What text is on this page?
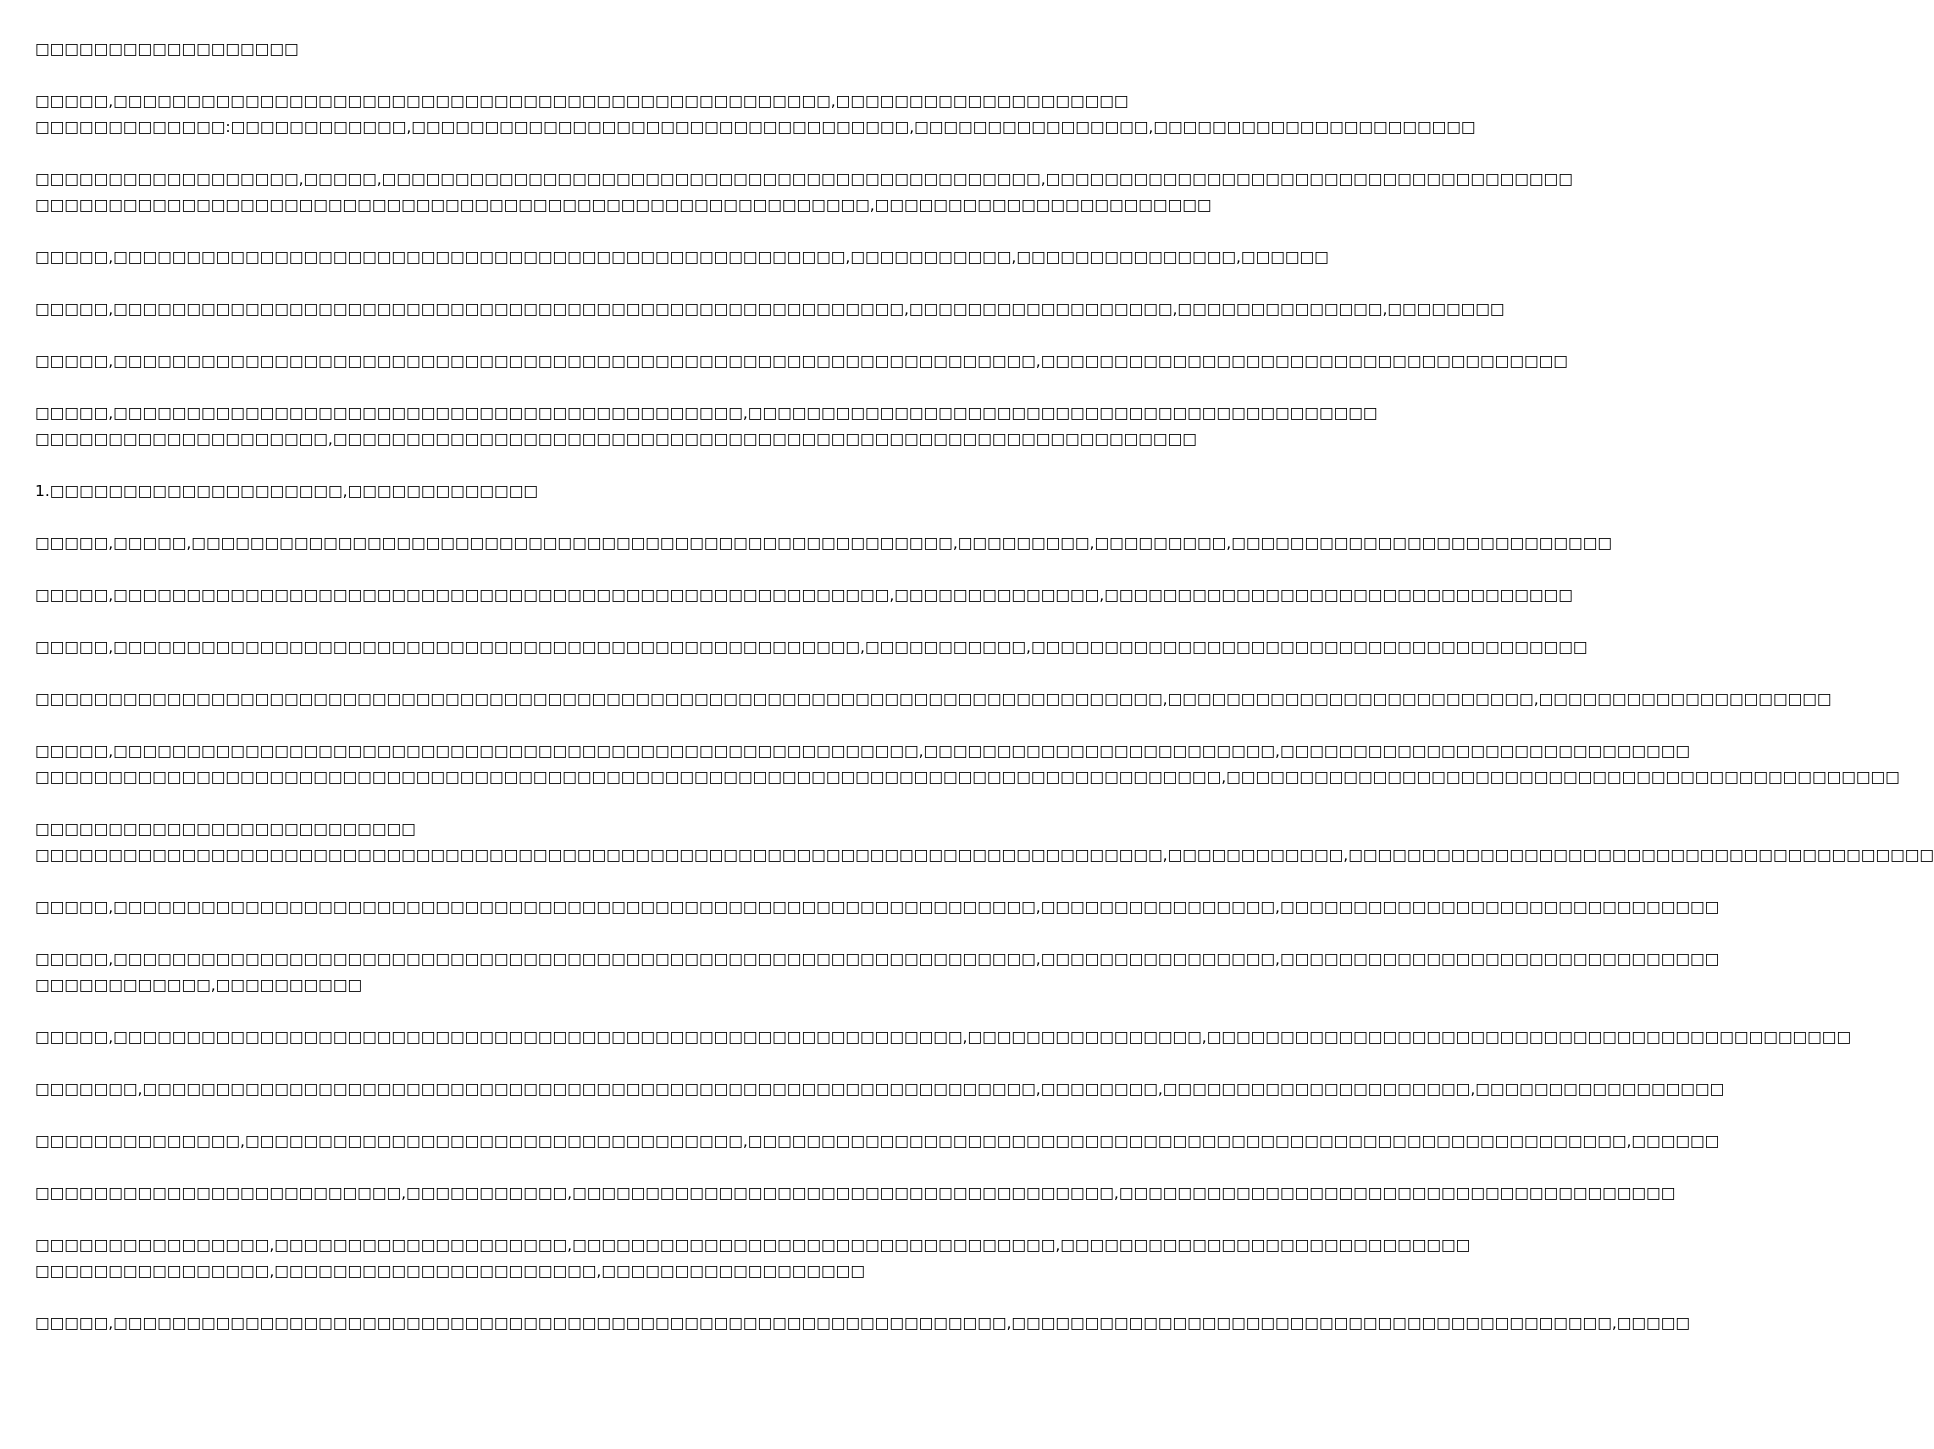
□□□□□□□□□□□□□□□□□□
□□□□□,□□□□□□□□□□□□□□□□□□□□□□□□□□□□□□□□□□□□□□□□□□□□□□□□□,□□□□□□□□□□□□□□□□□□□□
□□□□□□□□□□□□□:□□□□□□□□□□□□,□□□□□□□□□□□□□□□□□□□□□□□□□□□□□□□□□□,□□□□□□□□□□□□□□□□,□□□□□□□□□□□□□□□□□□□□□□
□□□□□□□□□□□□□□□□□□,□□□□□,□□□□□□□□□□□□□□□□□□□□□□□□□□□□□□□□□□□□□□□□□□□□□,□□□□□□□□□□□□□□□□□□□□□□□□□□□□□□□□□□□□
□□□□□□□□□□□□□□□□□□□□□□□□□□□□□□□□□□□□□□□□□□□□□□□□□□□□□□□□□,□□□□□□□□□□□□□□□□□□□□□□□
□□□□□,□□□□□□□□□□□□□□□□□□□□□□□□□□□□□□□□□□□□□□□□□□□□□□□□□□,□□□□□□□□□□□,□□□□□□□□□□□□□□□,□□□□□□
□□□□□,□□□□□□□□□□□□□□□□□□□□□□□□□□□□□□□□□□□□□□□□□□□□□□□□□□□□□□,□□□□□□□□□□□□□□□□□□,□□□□□□□□□□□□□□,□□□□□□□□
□□□□□,□□□□□□□□□□□□□□□□□□□□□□□□□□□□□□□□□□□□□□□□□□□□□□□□□□□□□□□□□□□□□□□,□□□□□□□□□□□□□□□□□□□□□□□□□□□□□□□□□□□□
□□□□□,□□□□□□□□□□□□□□□□□□□□□□□□□□□□□□□□□□□□□□□□□□□,□□□□□□□□□□□□□□□□□□□□□□□□□□□□□□□□□□□□□□□□□□□
□□□□□□□□□□□□□□□□□□□□,□□□□□□□□□□□□□□□□□□□□□□□□□□□□□□□□□□□□□□□□□□□□□□□□□□□□□□□□□□□
1.□□□□□□□□□□□□□□□□□□□□,□□□□□□□□□□□□□
□□□□□,□□□□□,□□□□□□□□□□□□□□□□□□□□□□□□□□□□□□□□□□□□□□□□□□□□□□□□□□□□,□□□□□□□□□,□□□□□□□□□,□□□□□□□□□□□□□□□□□□□□□□□□□□
□□□□□,□□□□□□□□□□□□□□□□□□□□□□□□□□□□□□□□□□□□□□□□□□□□□□□□□□□□□,□□□□□□□□□□□□□□,□□□□□□□□□□□□□□□□□□□□□□□□□□□□□□□□
□□□□□,□□□□□□□□□□□□□□□□□□□□□□□□□□□□□□□□□□□□□□□□□□□□□□□□□□□,□□□□□□□□□□□,□□□□□□□□□□□□□□□□□□□□□□□□□□□□□□□□□□□□□□
□□□□□□□□□□□□□□□□□□□□□□□□□□□□□□□□□□□□□□□□□□□□□□□□□□□□□□□□□□□□□□□□□□□□□□□□□□□□□,□□□□□□□□□□□□□□□□□□□□□□□□□,□□□□□□□□□□□□□□□□□□□□
□□□□□,□□□□□□□□□□□□□□□□□□□□□□□□□□□□□□□□□□□□□□□□□□□□□□□□□□□□□□□,□□□□□□□□□□□□□□□□□□□□□□□□,□□□□□□□□□□□□□□□□□□□□□□□□□□□□
□□□□□□□□□□□□□□□□□□□□□□□□□□□□□□□□□□□□□□□□□□□□□□□□□□□□□□□□□□□□□□□□□□□□□□□□□□□□□□□□□,□□□□□□□□□□□□□□□□□□□□□□□□□□□□□□□□□□□□□□□□□□□□□□
□□□□□□□□□□□□□□□□□□□□□□□□□□
□□□□□□□□□□□□□□□□□□□□□□□□□□□□□□□□□□□□□□□□□□□□□□□□□□□□□□□□□□□□□□□□□□□□□□□□□□□□□,□□□□□□□□□□□□,□□□□□□□□□□□□□□□□□□□□□□□□□□□□□□□□□□□□□□□□
□□□□□,□□□□□□□□□□□□□□□□□□□□□□□□□□□□□□□□□□□□□□□□□□□□□□□□□□□□□□□□□□□□□□□,□□□□□□□□□□□□□□□□,□□□□□□□□□□□□□□□□□□□□□□□□□□□□□□
□□□□□,□□□□□□□□□□□□□□□□□□□□□□□□□□□□□□□□□□□□□□□□□□□□□□□□□□□□□□□□□□□□□□□,□□□□□□□□□□□□□□□□,□□□□□□□□□□□□□□□□□□□□□□□□□□□□□□
□□□□□□□□□□□□,□□□□□□□□□□
□□□□□,□□□□□□□□□□□□□□□□□□□□□□□□□□□□□□□□□□□□□□□□□□□□□□□□□□□□□□□□□□,□□□□□□□□□□□□□□□□,□□□□□□□□□□□□□□□□□□□□□□□□□□□□□□□□□□□□□□□□□□□□
□□□□□□□,□□□□□□□□□□□□□□□□□□□□□□□□□□□□□□□□□□□□□□□□□□□□□□□□□□□□□□□□□□□□□,□□□□□□□□,□□□□□□□□□□□□□□□□□□□□□,□□□□□□□□□□□□□□□□□
□□□□□□□□□□□□□□,□□□□□□□□□□□□□□□□□□□□□□□□□□□□□□□□□□,□□□□□□□□□□□□□□□□□□□□□□□□□□□□□□□□□□□□□□□□□□□□□□□□□□□□□□□□□□□□,□□□□□□
□□□□□□□□□□□□□□□□□□□□□□□□□,□□□□□□□□□□□,□□□□□□□□□□□□□□□□□□□□□□□□□□□□□□□□□□□□□,□□□□□□□□□□□□□□□□□□□□□□□□□□□□□□□□□□□□□□
□□□□□□□□□□□□□□□□,□□□□□□□□□□□□□□□□□□□□,□□□□□□□□□□□□□□□□□□□□□□□□□□□□□□□□□,□□□□□□□□□□□□□□□□□□□□□□□□□□□□
□□□□□□□□□□□□□□□□,□□□□□□□□□□□□□□□□□□□□□□,□□□□□□□□□□□□□□□□□□
□□□□□,□□□□□□□□□□□□□□□□□□□□□□□□□□□□□□□□□□□□□□□□□□□□□□□□□□□□□□□□□□□□□,□□□□□□□□□□□□□□□□□□□□□□□□□□□□□□□□□□□□□□□□□,□□□□□
